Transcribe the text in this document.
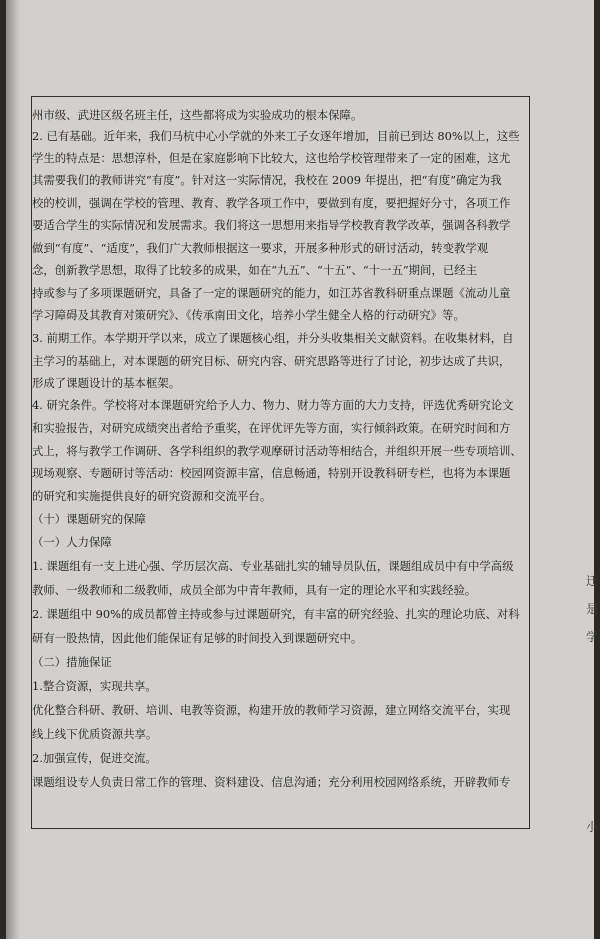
州市级、武进区级名班主任，这些都将成为实验成功的根本保障。
2. 已有基础。近年来，我们马杭中心小学就的外来工子女逐年增加，目前已到达 80%以上，这些
学生的特点是：思想淳朴，但是在家庭影响下比较大，这也给学校管理带来了一定的困难，这尤
其需要我们的教师讲究“有度”。针对这一实际情况，我校在 2009 年提出，把“有度”确定为我
校的校训，强调在学校的管理、教育、教学各项工作中，要做到有度，要把握好分寸，各项工作
要适合学生的实际情况和发展需求。我们将这一思想用来指导学校教育教学改革，强调各科教学
做到“有度”、“适度”，我们广大教师根据这一要求，开展多种形式的研讨活动，转变教学观
念，创新教学思想，取得了比较多的成果，如在“九五”、“十五”、“十一五”期间，已经主
持或参与了多项课题研究，具备了一定的课题研究的能力，如江苏省教科研重点课题《流动儿童
学习障碍及其教育对策研究》、《传承南田文化，培养小学生健全人格的行动研究》等。
3. 前期工作。本学期开学以来，成立了课题核心组，并分头收集相关文献资料。在收集材料，自
主学习的基础上，对本课题的研究目标、研究内容、研究思路等进行了讨论，初步达成了共识，
形成了课题设计的基本框架。
4. 研究条件。学校将对本课题研究给予人力、物力、财力等方面的大力支持，评选优秀研究论文
和实验报告，对研究成绩突出者给予重奖，在评优评先等方面，实行倾斜政策。在研究时间和方
式上，将与教学工作调研、各学科组织的教学观摩研讨活动等相结合，并组织开展一些专项培训、
现场观察、专题研讨等活动：校园网资源丰富，信息畅通，特别开设教科研专栏，也将为本课题
的研究和实施提供良好的研究资源和交流平台。
（十）课题研究的保障
（一）人力保障
1. 课题组有一支上进心强、学历层次高、专业基础扎实的辅导员队伍，课题组成员中有中学高级
教师、一级教师和二级教师，成员全部为中青年教师，具有一定的理论水平和实践经验。
2. 课题组中 90%的成员都曾主持或参与过课题研究，有丰富的研究经验、扎实的理论功底、对科
研有一股热情，因此他们能保证有足够的时间投入到课题研究中。
（二）措施保证
1.整合资源，实现共享。
优化整合科研、教研、培训、电教等资源，构建开放的教师学习资源，建立网络交流平台，实现
线上线下优质资源共享。
2.加强宣传，促进交流。
课题组设专人负责日常工作的管理、资料建设、信息沟通；充分利用校园网络系统，开辟教师专
迁
是
学
小
